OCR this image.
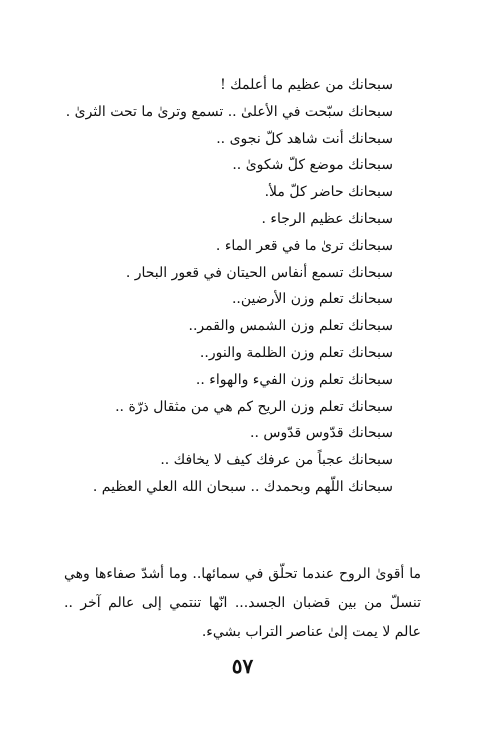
سبحانك من عظيم ما أعلمك !
سبحانك سبّحت في الأعلىٰ .. تسمع وترىٰ ما تحت الثرىٰ .
سبحانك أنت شاهد كلّ نجوى ..
سبحانك موضع كلّ شكوىٰ ..
سبحانك حاضر كلّ ملأ.
سبحانك عظيم الرجاء .
سبحانك ترىٰ ما في قعر الماء .
سبحانك تسمع أنفاس الحيتان في قعور البحار .
سبحانك تعلم وزن الأرضين..
سبحانك تعلم وزن الشمس والقمر..
سبحانك تعلم وزن الظلمة والنور..
سبحانك تعلم وزن الفيء والهواء ..
سبحانك تعلم وزن الريح كم هي من مثقال ذرّة ..
سبحانك قدّوس قدّوس ..
سبحانك عجباً من عرفك كيف لا يخافك ..
سبحانك اللّهم وبحمدك .. سبحان الله العلي العظيم .

ما أقوىٰ الروح عندما تحلّق في سمائها.. وما أشدّ صفاءها وهي تنسلّ من بين قضبان الجسد... انّها تنتمي إلى عالم آخر .. عالم لا يمت إلىٰ عناصر التراب بشيء.

٥٧
